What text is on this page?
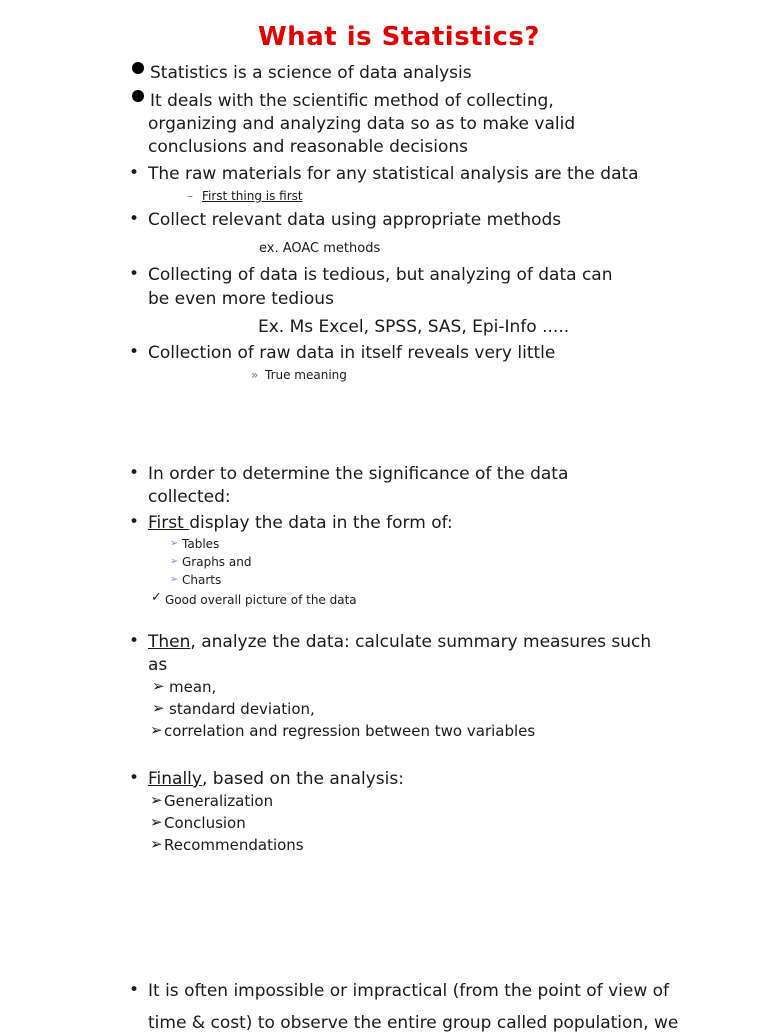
What is Statistics?
Statistics is a science of data analysis
It deals with the scientific method of collecting,
organizing and analyzing data so as to make valid
conclusions and reasonable decisions
• The raw materials for any statistical analysis are the data
– First thing is first
• Collect relevant data using appropriate methods
ex. AOAC methods
• Collecting of data is tedious, but analyzing of data can
be even more tedious
Ex. Ms Excel, SPSS, SAS, Epi-Info .....
• Collection of raw data in itself reveals very little
» True meaning
• In order to determine the significance of the data
collected:
• First display the data in the form of:
➢ Tables
➢ Graphs and
➢ Charts
✓ Good overall picture of the data
• Then, analyze the data: calculate summary measures such
as
➢ mean,
➢ standard deviation,
➢ correlation and regression between two variables
• Finally, based on the analysis:
➢ Generalization
➢ Conclusion
➢ Recommendations
• It is often impossible or impractical (from the point of view of
time & cost) to observe the entire group called population, we
